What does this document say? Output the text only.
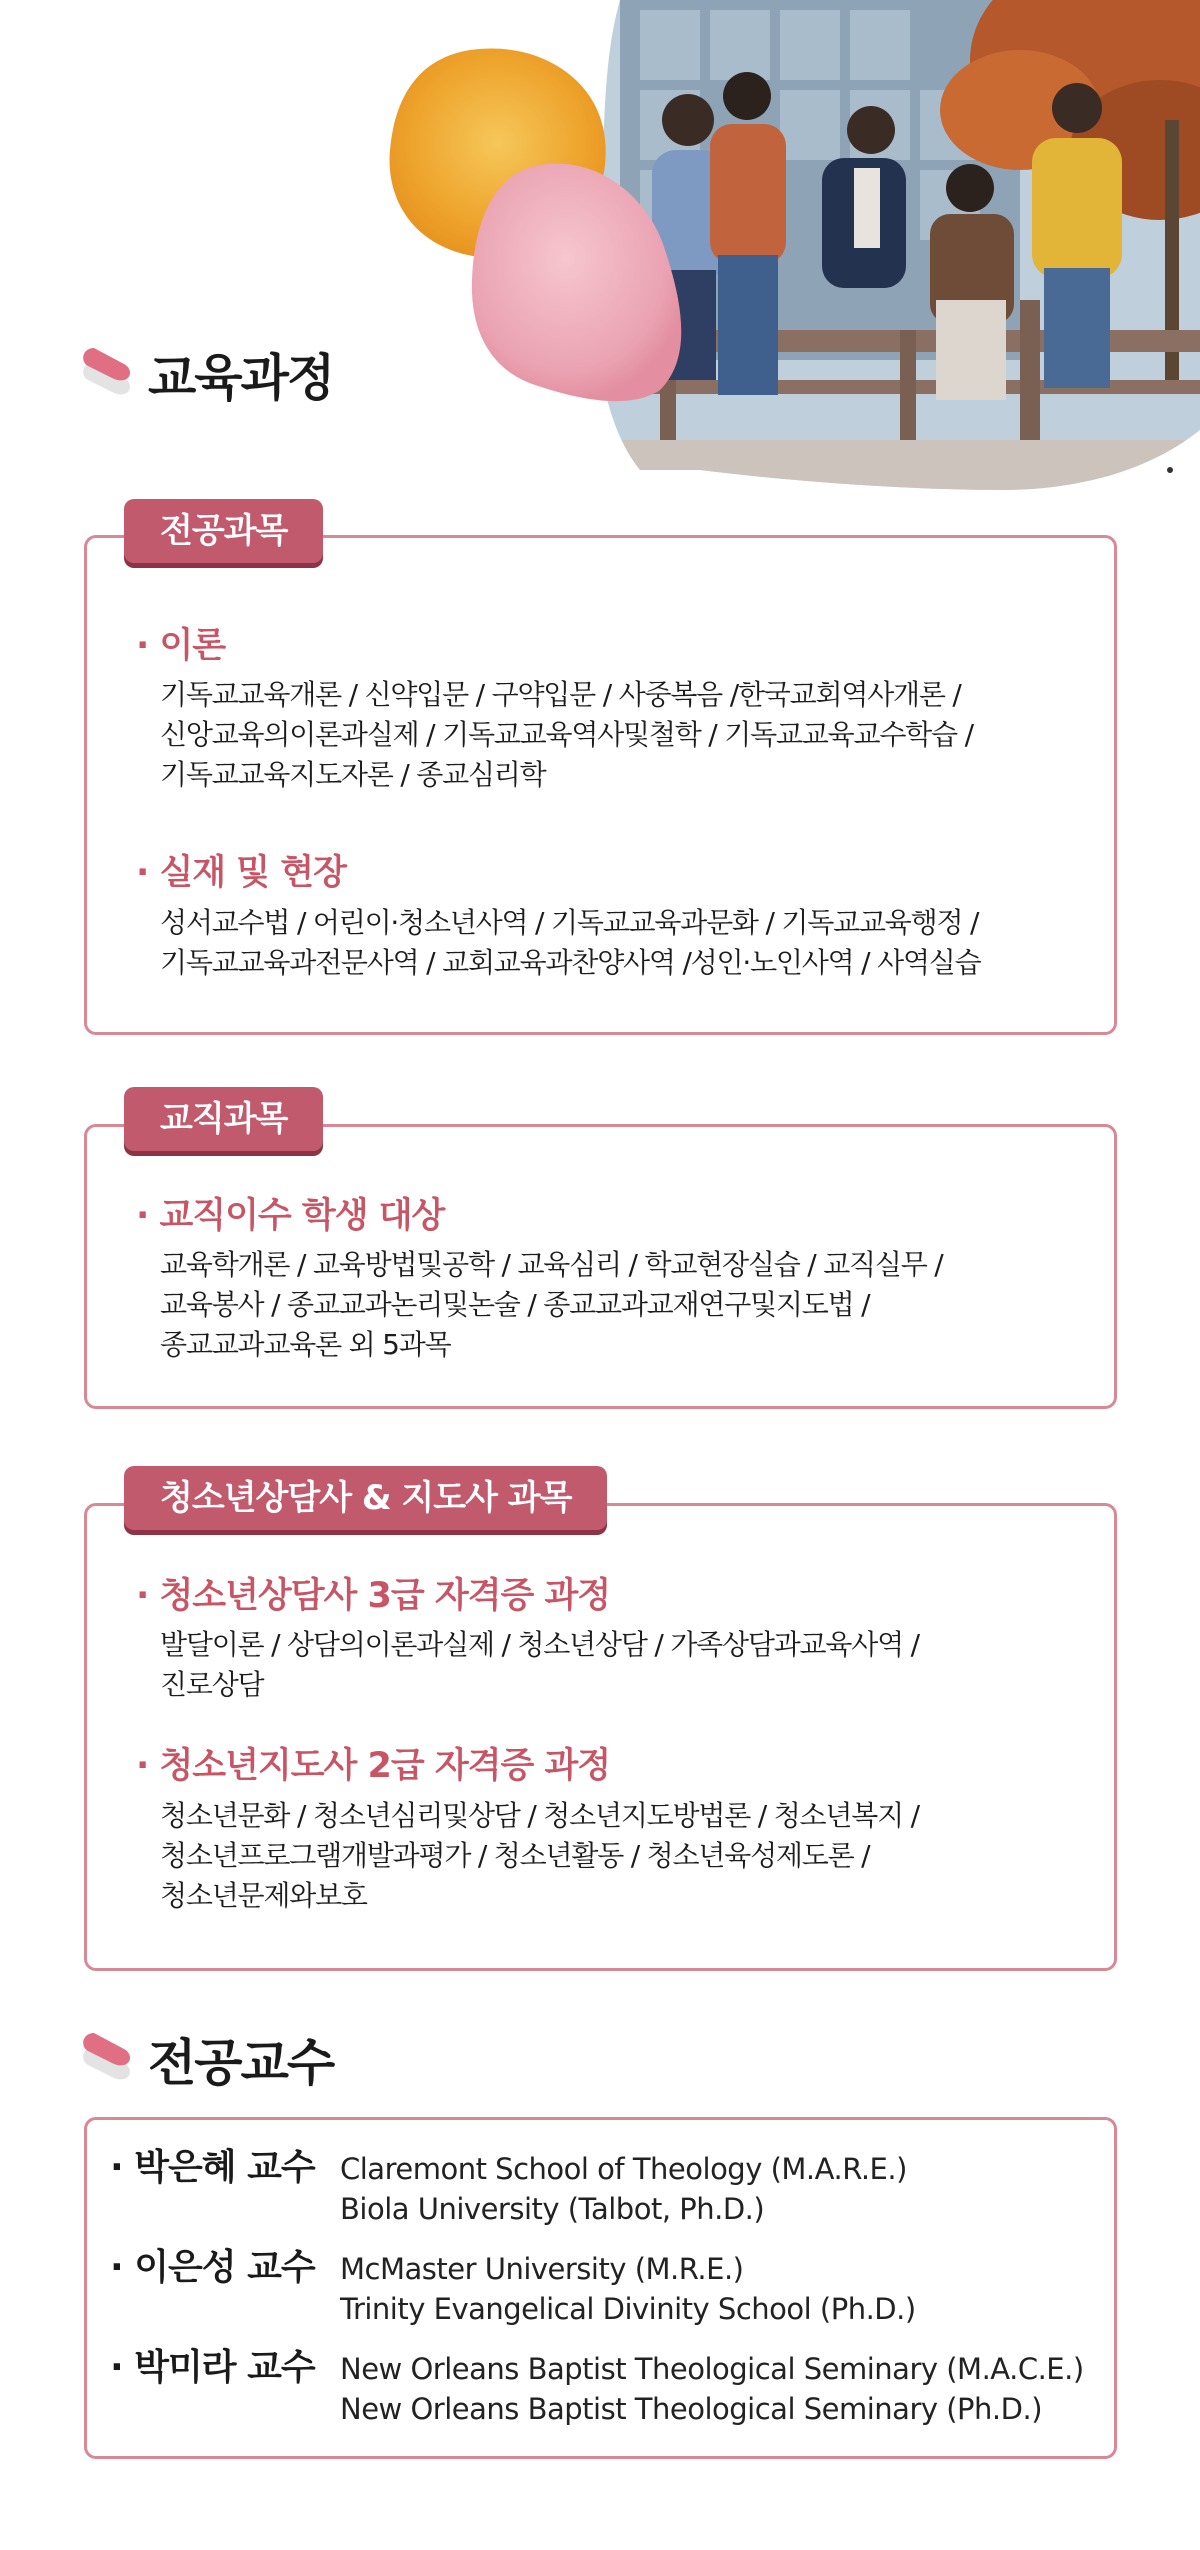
교육과정
전공과목
· 이론
기독교교육개론 / 신약입문 / 구약입문 / 사중복음 /한국교회역사개론 /
신앙교육의이론과실제 / 기독교교육역사및철학 / 기독교교육교수학습 /
기독교교육지도자론 / 종교심리학
· 실재 및 현장
성서교수법 / 어린이·청소년사역 / 기독교교육과문화 / 기독교교육행정 /
기독교교육과전문사역 / 교회교육과찬양사역 /성인·노인사역 / 사역실습
교직과목
· 교직이수 학생 대상
교육학개론 / 교육방법및공학 / 교육심리 / 학교현장실습 / 교직실무 /
교육봉사 / 종교교과논리및논술 / 종교교과교재연구및지도법 /
종교교과교육론 외 5과목
청소년상담사 & 지도사 과목
· 청소년상담사 3급 자격증 과정
발달이론 / 상담의이론과실제 / 청소년상담 / 가족상담과교육사역 /
진로상담
· 청소년지도사 2급 자격증 과정
청소년문화 / 청소년심리및상담 / 청소년지도방법론 / 청소년복지 /
청소년프로그램개발과평가 / 청소년활동 / 청소년육성제도론 /
청소년문제와보호
전공교수
· 박은혜 교수 Claremont School of Theology (M.A.R.E.)
Biola University (Talbot, Ph.D.)
· 이은성 교수 McMaster University (M.R.E.)
Trinity Evangelical Divinity School (Ph.D.)
· 박미라 교수 New Orleans Baptist Theological Seminary (M.A.C.E.)
New Orleans Baptist Theological Seminary (Ph.D.)
